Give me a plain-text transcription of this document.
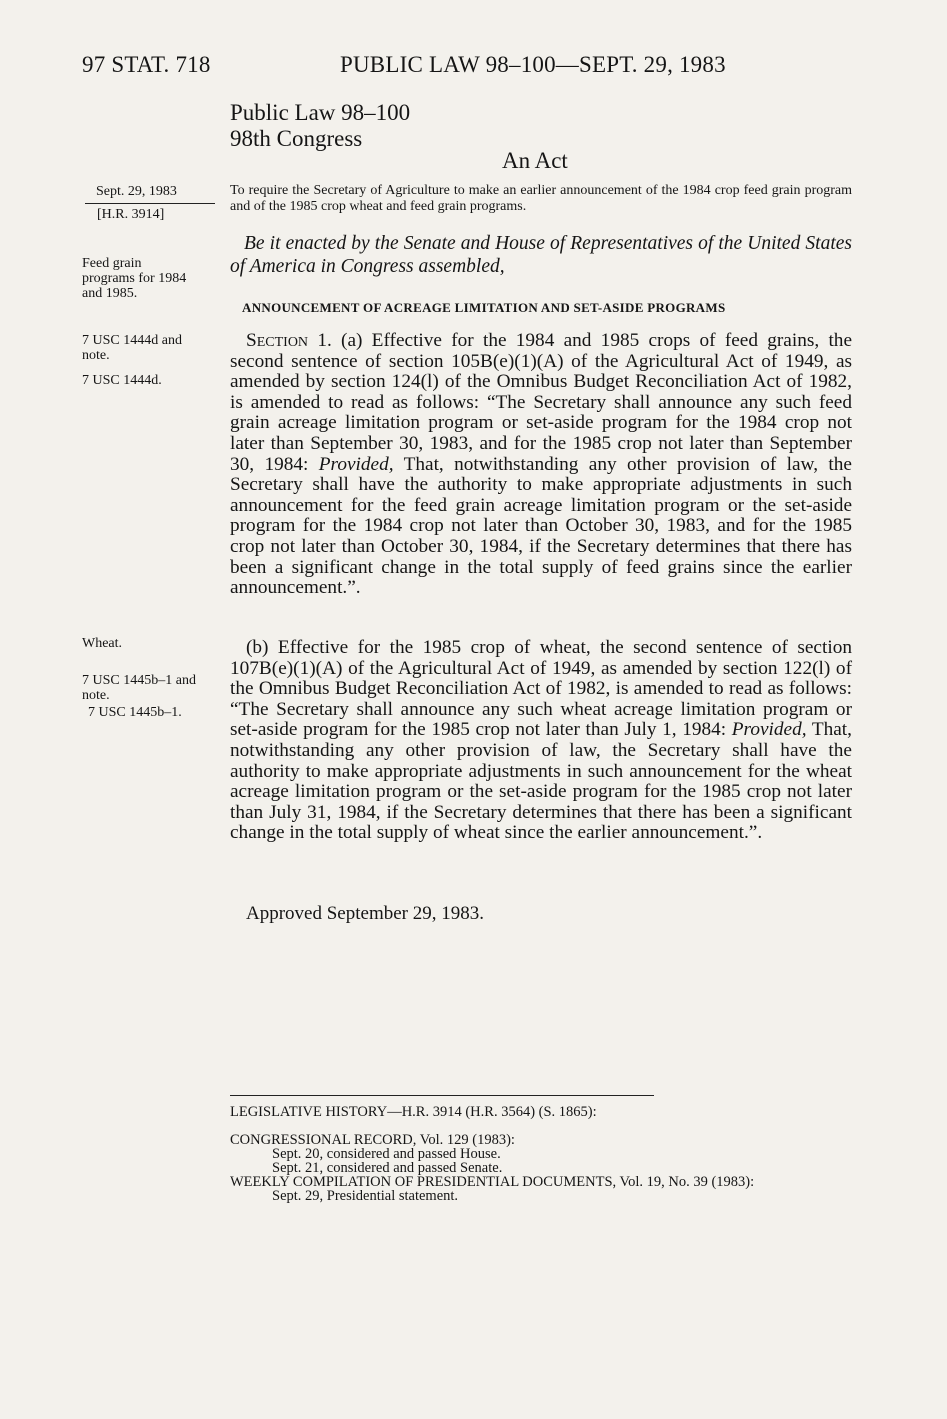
97 STAT. 718	PUBLIC LAW 98–100—SEPT. 29, 1983
Public Law 98–100
98th Congress
An Act
Sept. 29, 1983
[H.R. 3914]
Feed grain programs for 1984 and 1985.
7 USC 1444d and note.
7 USC 1444d.
Wheat.
7 USC 1445b–1 and note.
7 USC 1445b–1.
To require the Secretary of Agriculture to make an earlier announcement of the 1984 crop feed grain program and of the 1985 crop wheat and feed grain programs.
Be it enacted by the Senate and House of Representatives of the United States of America in Congress assembled,
ANNOUNCEMENT OF ACREAGE LIMITATION AND SET-ASIDE PROGRAMS
Section 1. (a) Effective for the 1984 and 1985 crops of feed grains, the second sentence of section 105B(e)(1)(A) of the Agricultural Act of 1949, as amended by section 124(l) of the Omnibus Budget Reconciliation Act of 1982, is amended to read as follows: “The Secretary shall announce any such feed grain acreage limitation program or set-aside program for the 1984 crop not later than September 30, 1983, and for the 1985 crop not later than September 30, 1984: Provided, That, notwithstanding any other provision of law, the Secretary shall have the authority to make appropriate adjustments in such announcement for the feed grain acreage limitation program or the set-aside program for the 1984 crop not later than October 30, 1983, and for the 1985 crop not later than October 30, 1984, if the Secretary determines that there has been a significant change in the total supply of feed grains since the earlier announcement.”.
(b) Effective for the 1985 crop of wheat, the second sentence of section 107B(e)(1)(A) of the Agricultural Act of 1949, as amended by section 122(l) of the Omnibus Budget Reconciliation Act of 1982, is amended to read as follows: “The Secretary shall announce any such wheat acreage limitation program or set-aside program for the 1985 crop not later than July 1, 1984: Provided, That, notwithstanding any other provision of law, the Secretary shall have the authority to make appropriate adjustments in such announcement for the wheat acreage limitation program or the set-aside program for the 1985 crop not later than July 31, 1984, if the Secretary determines that there has been a significant change in the total supply of wheat since the earlier announcement.”.
Approved September 29, 1983.
LEGISLATIVE HISTORY—H.R. 3914 (H.R. 3564) (S. 1865):
CONGRESSIONAL RECORD, Vol. 129 (1983):
Sept. 20, considered and passed House.
Sept. 21, considered and passed Senate.
WEEKLY COMPILATION OF PRESIDENTIAL DOCUMENTS, Vol. 19, No. 39 (1983):
Sept. 29, Presidential statement.
